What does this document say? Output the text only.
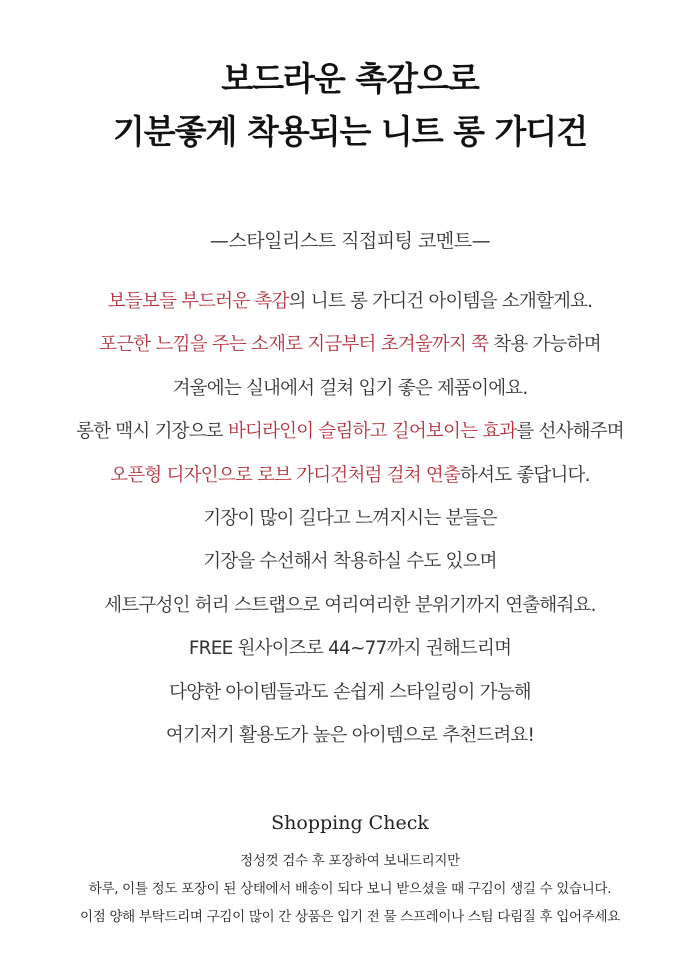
보드라운 촉감으로
기분좋게 착용되는 니트 롱 가디건
—스타일리스트 직접피팅 코멘트—
보들보들 부드러운 촉감의 니트 롱 가디건 아이템을 소개할게요.
포근한 느낌을 주는 소재로 지금부터 초겨울까지 쭉 착용 가능하며
겨울에는 실내에서 걸쳐 입기 좋은 제품이에요.
롱한 맥시 기장으로 바디라인이 슬림하고 길어보이는 효과를 선사해주며
오픈형 디자인으로 로브 가디건처럼 걸쳐 연출하셔도 좋답니다.
기장이 많이 길다고 느껴지시는 분들은
기장을 수선해서 착용하실 수도 있으며
세트구성인 허리 스트랩으로 여리여리한 분위기까지 연출해줘요.
FREE 원사이즈로 44~77까지 권해드리며
다양한 아이템들과도 손쉽게 스타일링이 가능해
여기저기 활용도가 높은 아이템으로 추천드려요!
Shopping Check
정성껏 검수 후 포장하여 보내드리지만
하루, 이틀 정도 포장이 된 상태에서 배송이 되다 보니 받으셨을 때 구김이 생길 수 있습니다.
이점 양해 부탁드리며 구김이 많이 간 상품은 입기 전 물 스프레이나 스팀 다림질 후 입어주세요
